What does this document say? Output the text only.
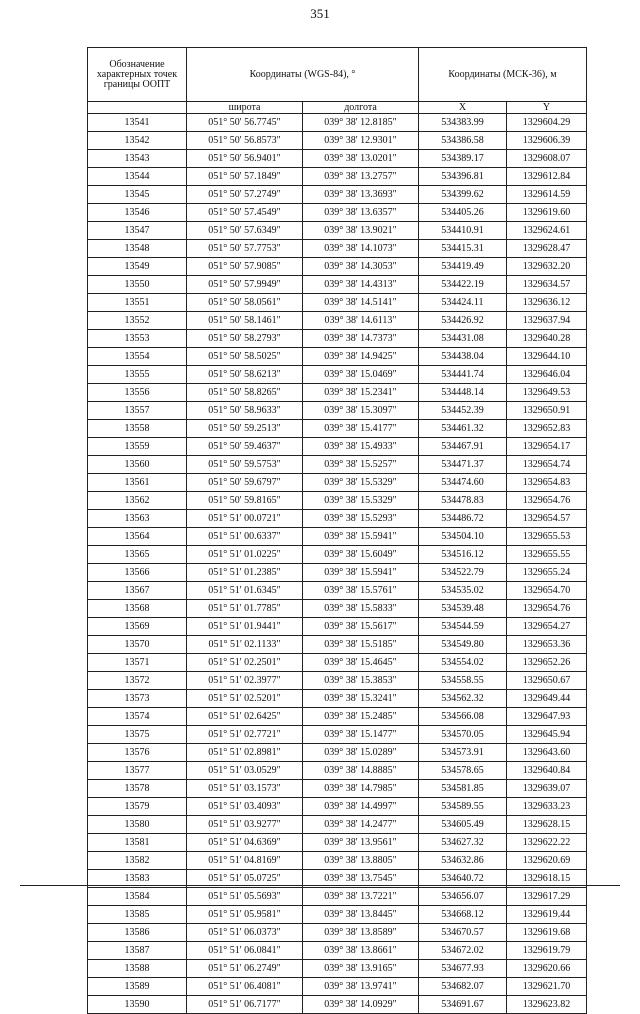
351
Обозначение характерных точек границы ООПТ	Координаты (WGS-84), °		Координаты (МСК-36), м	
	широта	долгота	X	Y
13541	051° 50' 56.7745"	039° 38' 12.8185"	534383.99	1329604.29
13542	051° 50' 56.8573"	039° 38' 12.9301"	534386.58	1329606.39
13543	051° 50' 56.9401"	039° 38' 13.0201"	534389.17	1329608.07
13544	051° 50' 57.1849"	039° 38' 13.2757"	534396.81	1329612.84
13545	051° 50' 57.2749"	039° 38' 13.3693"	534399.62	1329614.59
13546	051° 50' 57.4549"	039° 38' 13.6357"	534405.26	1329619.60
13547	051° 50' 57.6349"	039° 38' 13.9021"	534410.91	1329624.61
13548	051° 50' 57.7753"	039° 38' 14.1073"	534415.31	1329628.47
13549	051° 50' 57.9085"	039° 38' 14.3053"	534419.49	1329632.20
13550	051° 50' 57.9949"	039° 38' 14.4313"	534422.19	1329634.57
13551	051° 50' 58.0561"	039° 38' 14.5141"	534424.11	1329636.12
13552	051° 50' 58.1461"	039° 38' 14.6113"	534426.92	1329637.94
13553	051° 50' 58.2793"	039° 38' 14.7373"	534431.08	1329640.28
13554	051° 50' 58.5025"	039° 38' 14.9425"	534438.04	1329644.10
13555	051° 50' 58.6213"	039° 38' 15.0469"	534441.74	1329646.04
13556	051° 50' 58.8265"	039° 38' 15.2341"	534448.14	1329649.53
13557	051° 50' 58.9633"	039° 38' 15.3097"	534452.39	1329650.91
13558	051° 50' 59.2513"	039° 38' 15.4177"	534461.32	1329652.83
13559	051° 50' 59.4637"	039° 38' 15.4933"	534467.91	1329654.17
13560	051° 50' 59.5753"	039° 38' 15.5257"	534471.37	1329654.74
13561	051° 50' 59.6797"	039° 38' 15.5329"	534474.60	1329654.83
13562	051° 50' 59.8165"	039° 38' 15.5329"	534478.83	1329654.76
13563	051° 51' 00.0721"	039° 38' 15.5293"	534486.72	1329654.57
13564	051° 51' 00.6337"	039° 38' 15.5941"	534504.10	1329655.53
13565	051° 51' 01.0225"	039° 38' 15.6049"	534516.12	1329655.55
13566	051° 51' 01.2385"	039° 38' 15.5941"	534522.79	1329655.24
13567	051° 51' 01.6345"	039° 38' 15.5761"	534535.02	1329654.70
13568	051° 51' 01.7785"	039° 38' 15.5833"	534539.48	1329654.76
13569	051° 51' 01.9441"	039° 38' 15.5617"	534544.59	1329654.27
13570	051° 51' 02.1133"	039° 38' 15.5185"	534549.80	1329653.36
13571	051° 51' 02.2501"	039° 38' 15.4645"	534554.02	1329652.26
13572	051° 51' 02.3977"	039° 38' 15.3853"	534558.55	1329650.67
13573	051° 51' 02.5201"	039° 38' 15.3241"	534562.32	1329649.44
13574	051° 51' 02.6425"	039° 38' 15.2485"	534566.08	1329647.93
13575	051° 51' 02.7721"	039° 38' 15.1477"	534570.05	1329645.94
13576	051° 51' 02.8981"	039° 38' 15.0289"	534573.91	1329643.60
13577	051° 51' 03.0529"	039° 38' 14.8885"	534578.65	1329640.84
13578	051° 51' 03.1573"	039° 38' 14.7985"	534581.85	1329639.07
13579	051° 51' 03.4093"	039° 38' 14.4997"	534589.55	1329633.23
13580	051° 51' 03.9277"	039° 38' 14.2477"	534605.49	1329628.15
13581	051° 51' 04.6369"	039° 38' 13.9561"	534627.32	1329622.22
13582	051° 51' 04.8169"	039° 38' 13.8805"	534632.86	1329620.69
13583	051° 51' 05.0725"	039° 38' 13.7545"	534640.72	1329618.15
13584	051° 51' 05.5693"	039° 38' 13.7221"	534656.07	1329617.29
13585	051° 51' 05.9581"	039° 38' 13.8445"	534668.12	1329619.44
13586	051° 51' 06.0373"	039° 38' 13.8589"	534670.57	1329619.68
13587	051° 51' 06.0841"	039° 38' 13.8661"	534672.02	1329619.79
13588	051° 51' 06.2749"	039° 38' 13.9165"	534677.93	1329620.66
13589	051° 51' 06.4081"	039° 38' 13.9741"	534682.07	1329621.70
13590	051° 51' 06.7177"	039° 38' 14.0929"	534691.67	1329623.82
